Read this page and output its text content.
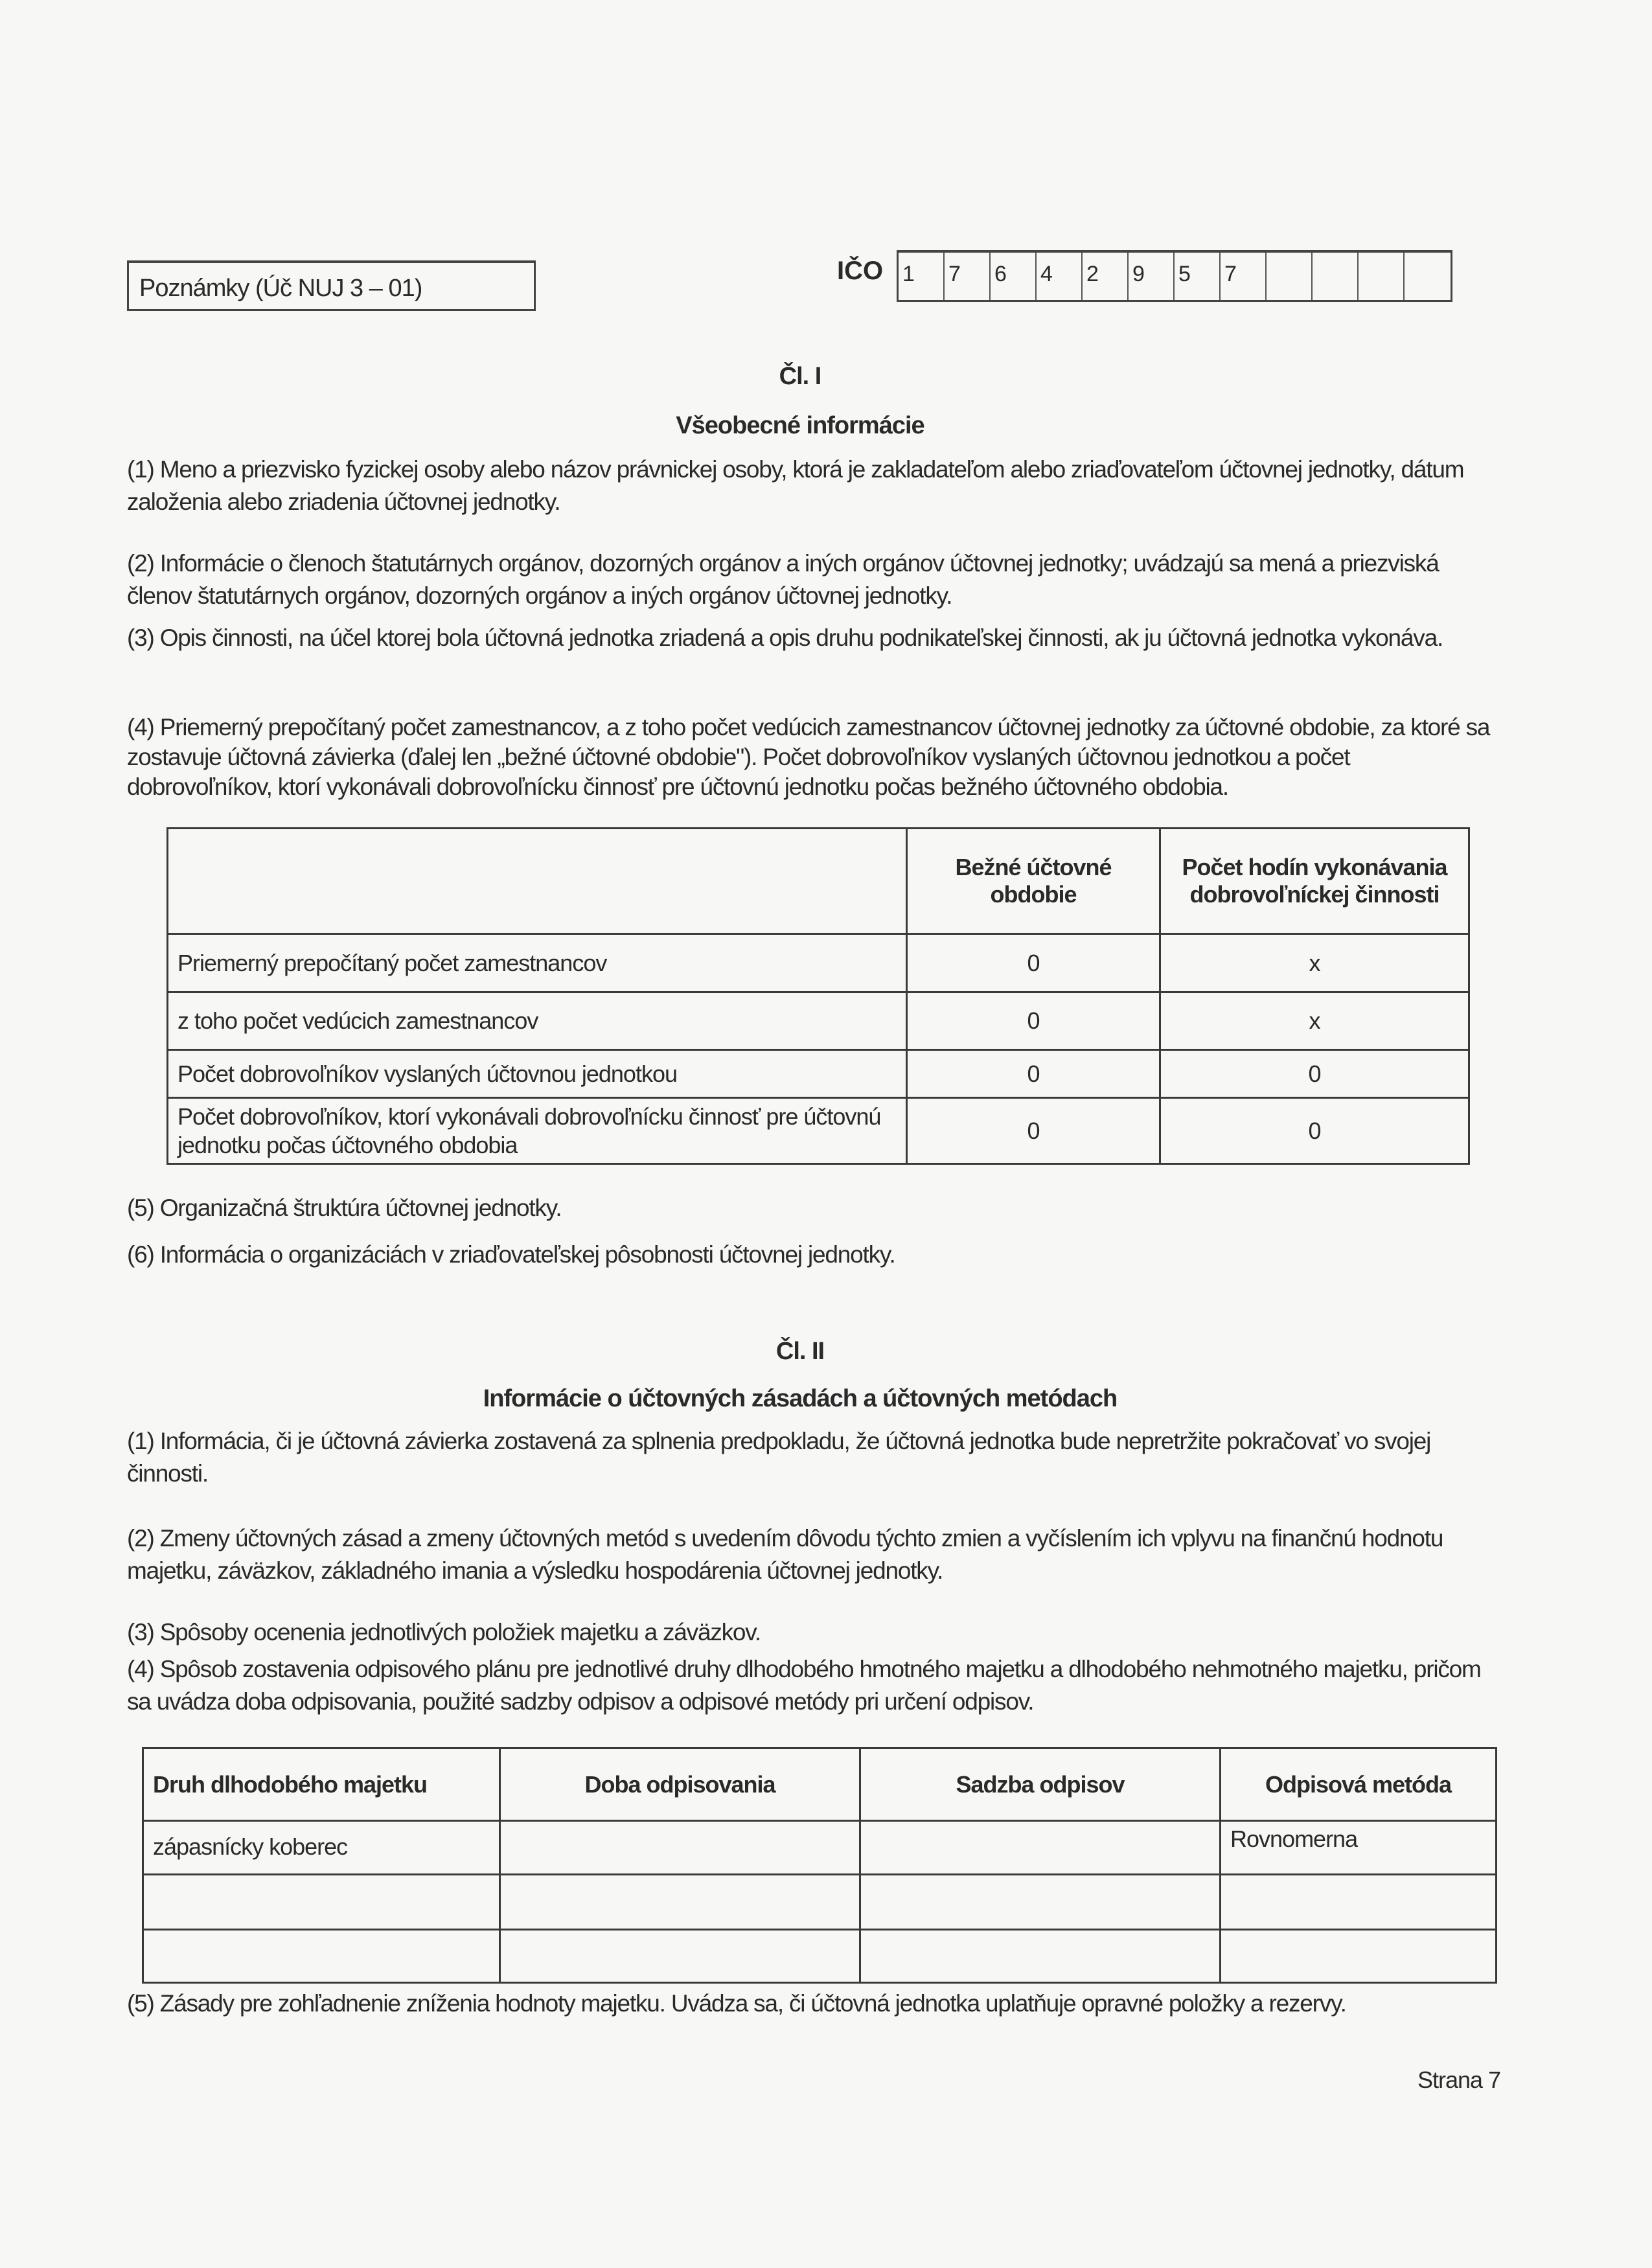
Poznámky (Úč NUJ 3 – 01)
IČO 1	7	6	4	2	9	5	7
Čl. I
Všeobecné informácie
(1) Meno a priezvisko fyzickej osoby alebo názov právnickej osoby, ktorá je zakladateľom alebo zriaďovateľom účtovnej jednotky, dátum založenia alebo zriadenia účtovnej jednotky.
(2) Informácie o členoch štatutárnych orgánov, dozorných orgánov a iných orgánov účtovnej jednotky; uvádzajú sa mená a priezviská členov štatutárnych orgánov, dozorných orgánov a iných orgánov účtovnej jednotky.
(3) Opis činnosti, na účel ktorej bola účtovná jednotka zriadená a opis druhu podnikateľskej činnosti, ak ju účtovná jednotka vykonáva.
(4) Priemerný prepočítaný počet zamestnancov, a z toho počet vedúcich zamestnancov účtovnej jednotky za účtovné obdobie, za ktoré sa zostavuje účtovná závierka (ďalej len „bežné účtovné obdobie"). Počet dobrovoľníkov vyslaných účtovnou jednotkou a počet dobrovoľníkov, ktorí vykonávali dobrovoľnícku činnosť pre účtovnú jednotku počas bežného účtovného obdobia.
	Bežné účtovné obdobie	Počet hodín vykonávania dobrovoľníckej činnosti
Priemerný prepočítaný počet zamestnancov	0	x
z toho počet vedúcich zamestnancov	0	x
Počet dobrovoľníkov vyslaných účtovnou jednotkou	0	0
Počet dobrovoľníkov, ktorí vykonávali dobrovoľnícku činnosť pre účtovnú jednotku počas účtovného obdobia	0	0
(5) Organizačná štruktúra účtovnej jednotky.
(6) Informácia o organizáciách v zriaďovateľskej pôsobnosti účtovnej jednotky.
Čl. II
Informácie o účtovných zásadách a účtovných metódach
(1) Informácia, či je účtovná závierka zostavená za splnenia predpokladu, že účtovná jednotka bude nepretržite pokračovať vo svojej činnosti.
(2) Zmeny účtovných zásad a zmeny účtovných metód s uvedením dôvodu týchto zmien a vyčíslením ich vplyvu na finančnú hodnotu majetku, záväzkov, základného imania a výsledku hospodárenia účtovnej jednotky.
(3) Spôsoby ocenenia jednotlivých položiek majetku a záväzkov.
(4) Spôsob zostavenia odpisového plánu pre jednotlivé druhy dlhodobého hmotného majetku a dlhodobého nehmotného majetku, pričom sa uvádza doba odpisovania, použité sadzby odpisov a odpisové metódy pri určení odpisov.
Druh dlhodobého majetku	Doba odpisovania	Sadzba odpisov	Odpisová metóda
zápasnícky koberec			Rovnomerna

(5) Zásady pre zohľadnenie zníženia hodnoty majetku. Uvádza sa, či účtovná jednotka uplatňuje opravné položky a rezervy.
Strana 7
